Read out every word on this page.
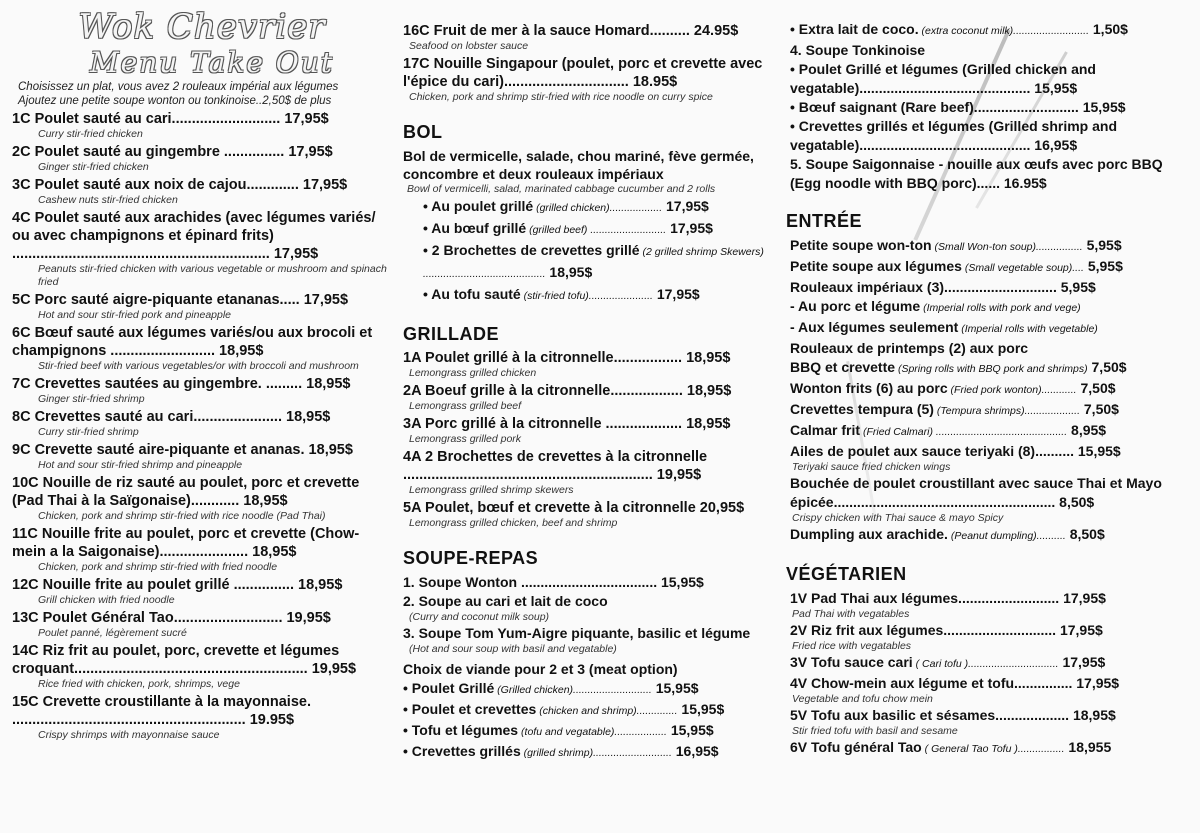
Wok Chevrier
Menu Take Out
Choisissez un plat, vous avez 2 rouleaux impérial aux légumes
Ajoutez une petite soupe wonton ou tonkinoise..2,50$ de plus
1C Poulet sauté au cari........................... 17,95$
Curry stir-fried chicken
2C Poulet sauté au gingembre ............... 17,95$
Ginger stir-fried chicken
3C Poulet sauté aux noix de cajou............. 17,95$
Cashew nuts stir-fried chicken
4C Poulet sauté aux arachides (avec légumes variés/ ou avec champignons et épinard frits) ................................................................ 17,95$
Peanuts stir-fried chicken with various vegetable or mushroom and spinach fried
5C Porc sauté aigre-piquante etananas..... 17,95$
Hot and sour stir-fried pork and pineapple
6C Bœuf sauté aux légumes variés/ou aux brocoli et champignons .......................... 18,95$
Stir-fried beef with various vegetables/or with broccoli and mushroom
7C Crevettes sautées au gingembre. ......... 18,95$
Ginger stir-fried shrimp
8C Crevettes sauté au cari...................... 18,95$
Curry stir-fried shrimp
9C Crevette sauté aire-piquante et ananas. 18,95$
Hot and sour stir-fried shrimp and pineapple
10C Nouille de riz sauté au poulet, porc et crevette (Pad Thai à la Saïgonaise)............ 18,95$
Chicken, pork and shrimp stir-fried with rice noodle (Pad Thai)
11C Nouille frite au poulet, porc et crevette (Chow-mein a la Saigonaise)...................... 18,95$
Chicken, pork and shrimp stir-fried with fried noodle
12C Nouille frite au poulet grillé ............... 18,95$
Grill chicken with fried noodle
13C Poulet Général Tao........................... 19,95$
Poulet panné, légèrement sucré
14C Riz frit au poulet, porc, crevette et légumes croquant.......................................................... 19,95$
Rice fried with chicken, pork, shrimps, vege
15C Crevette croustillante à la mayonnaise. .......................................................... 19.95$
Crispy shrimps with mayonnaise sauce
16C Fruit de mer à la sauce Homard.......... 24.95$
Seafood on lobster sauce
17C Nouille Singapour (poulet, porc et crevette avec l'épice du cari)............................... 18.95$
Chicken, pork and shrimp stir-fried with rice noodle on curry spice
BOL
Bol de vermicelle, salade, chou mariné, fève germée, concombre et deux rouleaux impériaux
Bowl of vermicelli, salad, marinated cabbage cucumber and 2 rolls
• Au poulet grillé (grilled chicken).................. 17,95$
• Au bœuf grillé (grilled beef) .......................... 17,95$
• 2 Brochettes de crevettes grillé (2 grilled shrimp Skewers) .......................................... 18,95$
• Au tofu sauté (stir-fried tofu)...................... 17,95$
GRILLADE
1A Poulet grillé à la citronnelle................. 18,95$
Lemongrass grilled chicken
2A Boeuf grille à la citronnelle.................. 18,95$
Lemongrass grilled beef
3A Porc grillé à la citronnelle ................... 18,95$
Lemongrass grilled pork
4A 2 Brochettes de crevettes à la citronnelle .............................................................. 19,95$
Lemongrass grilled shrimp skewers
5A Poulet, bœuf et crevette à la citronnelle 20,95$
Lemongrass grilled chicken, beef and shrimp
SOUPE-REPAS
1. Soupe Wonton ................................... 15,95$
2. Soupe au cari et lait de coco
(Curry and coconut milk soup)
3. Soupe Tom Yum-Aigre piquante, basilic et légume
(Hot and sour soup with basil and vegatable)
Choix de viande pour 2 et 3 (meat option)
• Poulet Grillé (Grilled chicken)........................... 15,95$
• Poulet et crevettes (chicken and shrimp).............. 15,95$
• Tofu et légumes (tofu and vegatable).................. 15,95$
• Crevettes grillés (grilled shrimp)........................... 16,95$
• Extra lait de coco. (extra coconut milk).......................... 1,50$
4. Soupe Tonkinoise
• Poulet Grillé et légumes (Grilled chicken and vegatable)............................................ 15,95$
• Bœuf saignant (Rare beef)........................... 15,95$
• Crevettes grillés et légumes (Grilled shrimp and vegatable)............................................ 16,95$
5. Soupe Saigonnaise - nouille aux œufs avec porc BBQ (Egg noodle with BBQ porc)...... 16.95$
ENTRÉE
Petite soupe won-ton (Small Won-ton soup)................ 5,95$
Petite soupe aux légumes (Small vegetable soup).... 5,95$
Rouleaux impériaux (3)............................. 5,95$
- Au porc et légume (Imperial rolls with pork and vege)
- Aux légumes seulement (Imperial rolls with vegetable)
Rouleaux de printemps (2) aux porc
BBQ et crevette (Spring rolls with BBQ pork and shrimps) 7,50$
Wonton frits (6) au porc (Fried pork wonton)............ 7,50$
Crevettes tempura (5) (Tempura shrimps)................... 7,50$
Calmar frit (Fried Calmari) ............................................. 8,95$
Ailes de poulet aux sauce teriyaki (8).......... 15,95$
Teriyaki sauce fried chicken wings
Bouchée de poulet croustillant avec sauce Thai et Mayo épicée......................................................... 8,50$
Crispy chicken with Thai sauce & mayo Spicy
Dumpling aux arachide. (Peanut dumpling).......... 8,50$
VÉGÉTARIEN
1V Pad Thai aux légumes.......................... 17,95$
Pad Thai with vegatables
2V Riz frit aux légumes............................. 17,95$
Fried rice with vegatables
3V Tofu sauce cari ( Cari tofu )............................... 17,95$
4V Chow-mein aux légume et tofu............... 17,95$
Vegetable and tofu chow mein
5V Tofu aux basilic et sésames................... 18,95$
Stir fried tofu with basil and sesame
6V Tofu général Tao ( General Tao Tofu )................ 18,955
